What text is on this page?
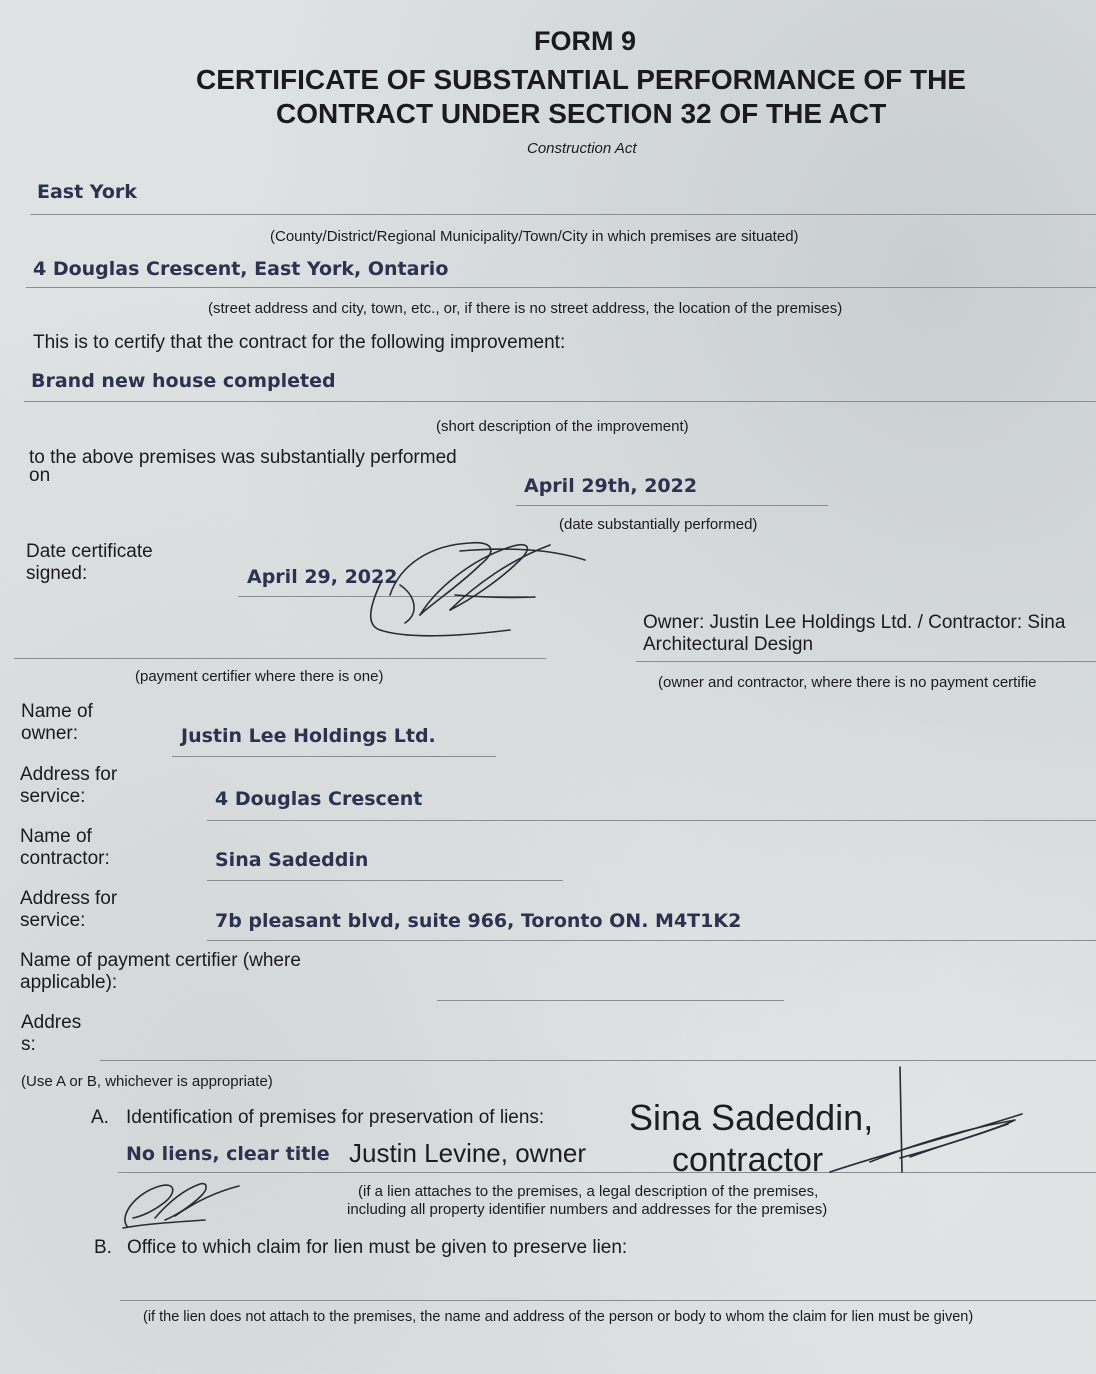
FORM 9
CERTIFICATE OF SUBSTANTIAL PERFORMANCE OF THE
CONTRACT UNDER SECTION 32 OF THE ACT
Construction Act
East York
(County/District/Regional Municipality/Town/City in which premises are situated)
4 Douglas Crescent, East York, Ontario
(street address and city, town, etc., or, if there is no street address, the location of the premises)
This is to certify that the contract for the following improvement:
Brand new house completed
(short description of the improvement)
to the above premises was substantially performed
on	April 29th, 2022
(date substantially performed)
Date certificate
signed:	April 29, 2022
(payment certifier where there is one)
Owner: Justin Lee Holdings Ltd. / Contractor: Sina
Architectural Design
(owner and contractor, where there is no payment certifie
Name of
owner:	Justin Lee Holdings Ltd.
Address for
service:	4 Douglas Crescent
Name of
contractor:	Sina Sadeddin
Address for
service:	7b pleasant blvd, suite 966, Toronto ON. M4T1K2
Name of payment certifier (where
applicable):
Addres
s:
(Use A or B, whichever is appropriate)
A. Identification of premises for preservation of liens:
No liens, clear title Justin Levine, owner
Sina Sadeddin,
contractor
(if a lien attaches to the premises, a legal description of the premises,
including all property identifier numbers and addresses for the premises)
B. Office to which claim for lien must be given to preserve lien:
(if the lien does not attach to the premises, the name and address of the person or body to whom the claim for lien must be given)
